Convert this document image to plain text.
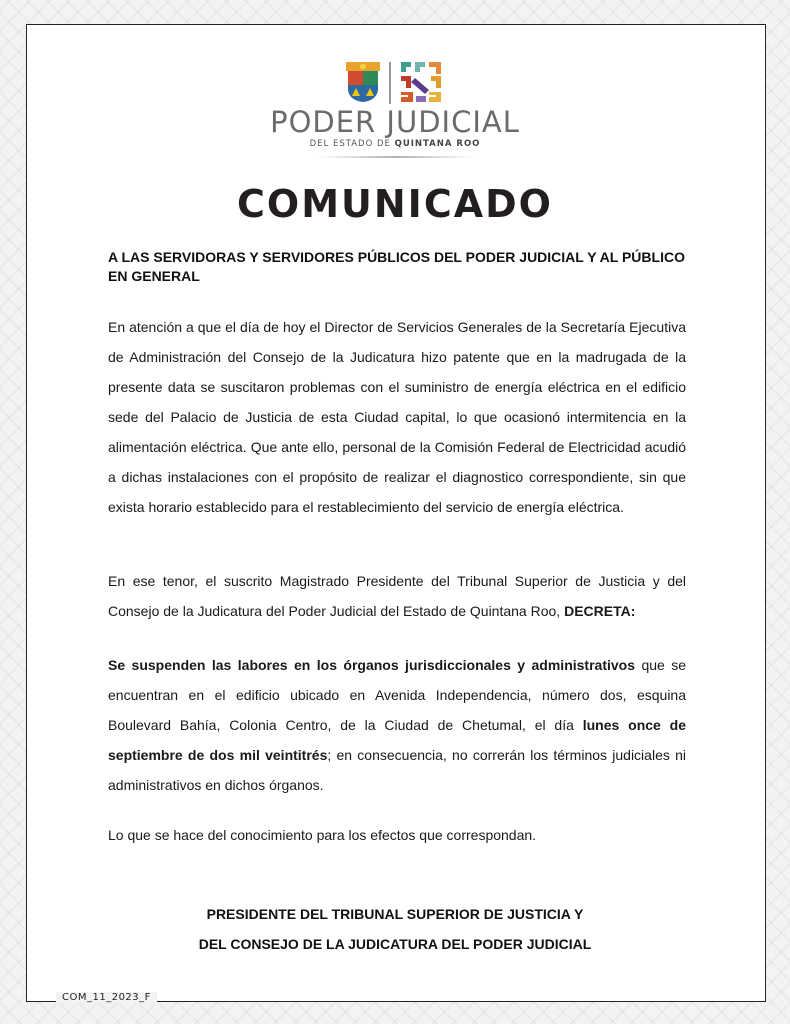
PODER JUDICIAL
DEL ESTADO DE QUINTANA ROO
COMUNICADO
A LAS SERVIDORAS Y SERVIDORES PÚBLICOS DEL PODER JUDICIAL Y AL PÚBLICO EN GENERAL

En atención a que el día de hoy el Director de Servicios Generales de la Secretaría Ejecutiva de Administración del Consejo de la Judicatura hizo patente que en la madrugada de la presente data se suscitaron problemas con el suministro de energía eléctrica en el edificio sede del Palacio de Justicia de esta Ciudad capital, lo que ocasionó intermitencia en la alimentación eléctrica. Que ante ello, personal de la Comisión Federal de Electricidad acudió a dichas instalaciones con el propósito de realizar el diagnostico correspondiente, sin que exista horario establecido para el restablecimiento del servicio de energía eléctrica.

En ese tenor, el suscrito Magistrado Presidente del Tribunal Superior de Justicia y del Consejo de la Judicatura del Poder Judicial del Estado de Quintana Roo, DECRETA:

Se suspenden las labores en los órganos jurisdiccionales y administrativos que se encuentran en el edificio ubicado en Avenida Independencia, número dos, esquina Boulevard Bahía, Colonia Centro, de la Ciudad de Chetumal, el día lunes once de septiembre de dos mil veintitrés; en consecuencia, no correrán los términos judiciales ni administrativos en dichos órganos.

Lo que se hace del conocimiento para los efectos que correspondan.

PRESIDENTE DEL TRIBUNAL SUPERIOR DE JUSTICIA Y
DEL CONSEJO DE LA JUDICATURA DEL PODER JUDICIAL
COM_11_2023_F
